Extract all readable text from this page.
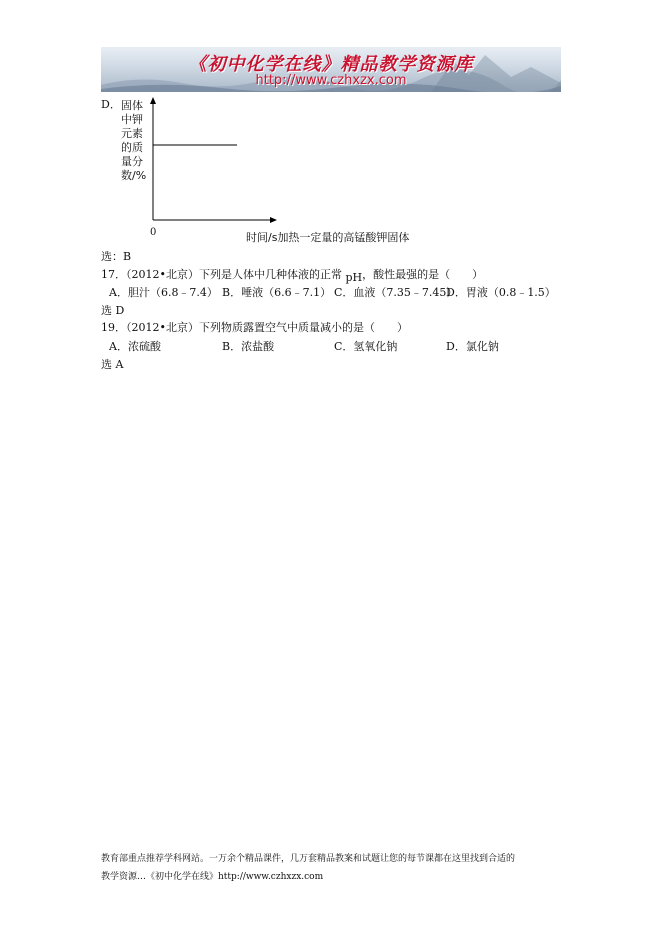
《初中化学在线》精品教学资源库
http://www.czhxzx.com
D． 固体
中钾
元素
的质
量分
数/%
0	时间/s加热一定量的高锰酸钾固体
选：B
17．（2012•北京）下列是人体中几种体液的正常 pH，酸性最强的是（　　）
A．胆汁（6.8﹣7.4） B．唾液（6.6﹣7.1） C．血液（7.35﹣7.45）
D．胃液（0.8﹣1.5）
选 D
19．（2012•北京）下列物质露置空气中质量减小的是（　　）
A．浓硫酸	B．浓盐酸	C．氢氧化钠	D．氯化钠
选 A
教育部重点推荐学科网站。一万余个精品课件，几万套精品教案和试题让您的每节课都在这里找到合适的
教学资源…《初中化学在线》http://www.czhxzx.com
